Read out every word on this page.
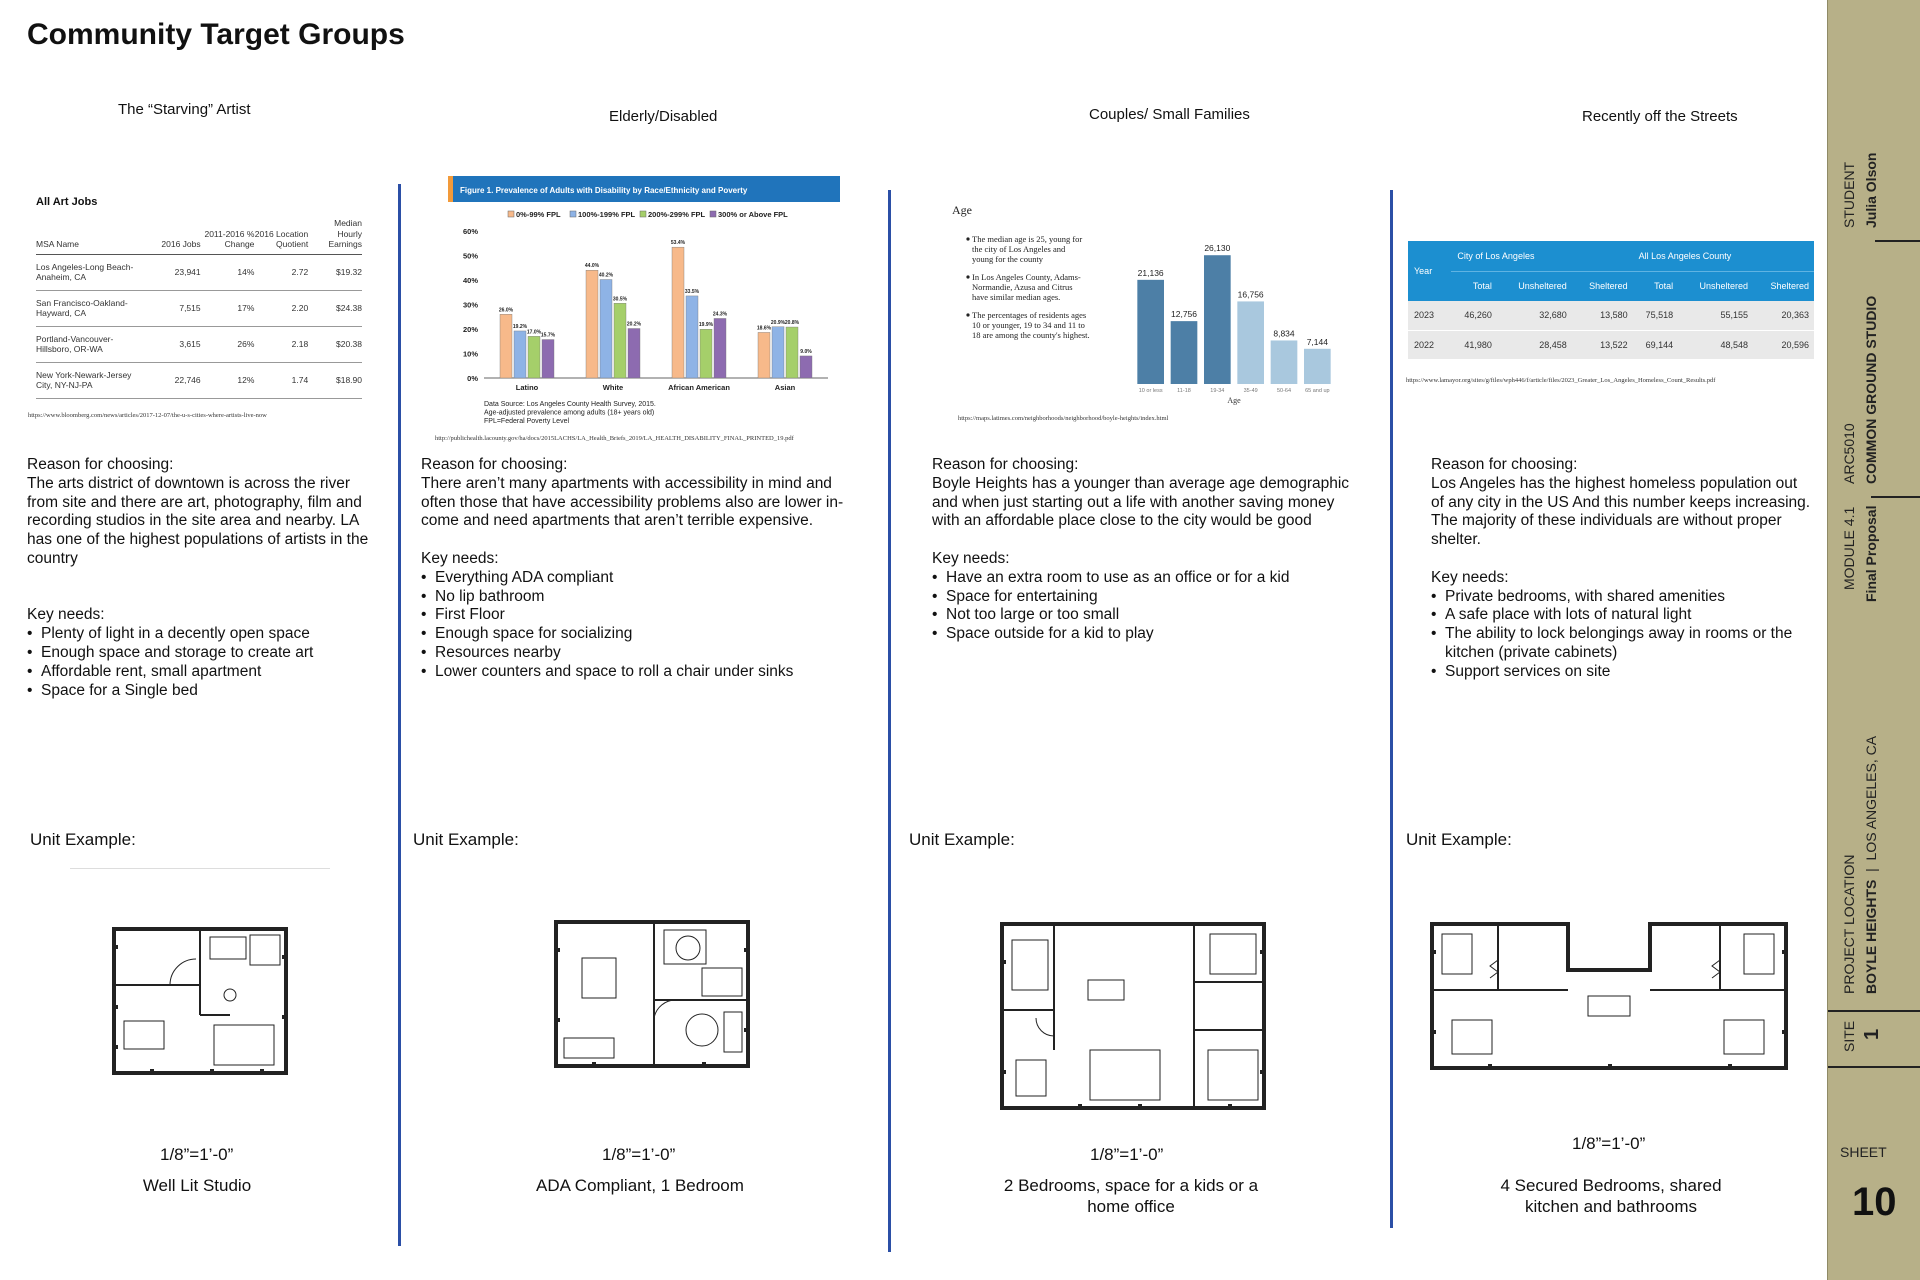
Community Target Groups
The “Starving” Artist	Elderly/Disabled	Couples/ Small Families	Recently off the Streets
All Art Jobs
MSA Name	2016 Jobs	2011-2016 % Change	2016 Location Quotient	Median Hourly Earnings
Los Angeles-Long Beach-Anaheim, CA	23,941	14%	2.72	$19.32
San Francisco-Oakland-Hayward, CA	7,515	17%	2.20	$24.38
Portland-Vancouver-Hillsboro, OR-WA	3,615	26%	2.18	$20.38
New York-Newark-Jersey City, NY-NJ-PA	22,746	12%	1.74	$18.90
https://www.bloomberg.com/news/articles/2017-12-07/the-u-s-cities-where-artists-live-now
Figure 1. Prevalence of Adults with Disability by Race/Ethnicity and Poverty
0%-99% FPL 100%-199% FPL 200%-299% FPL 300% or Above FPL
0%
10%
20%
30%
40%
50%
60%
26.0%
19.2%
17.0%
15.7%
Latino
44.0%
40.2%
30.5%
20.2%
White
53.4%
33.5%
19.9%
24.3%
African American
18.6%
20.9% 20.8%
9.0%
Asian
Data Source: Los Angeles County Health Survey, 2015.
Age-adjusted prevalence among adults (18+ years old)
FPL=Federal Poverty Level
http://publichealth.lacounty.gov/ha/docs/2015LACHS/LA_Health_Briefs_2019/LA_HEALTH_DISABILITY_FINAL_PRINTED_19.pdf
Age
The median age is 25, young for the city of Los Angeles and young for the county
In Los Angeles County, Adams-Normandie, Azusa and Citrus have similar median ages.
The percentages of residents ages 10 or younger, 19 to 34 and 11 to 18 are among the county's highest.
21,136
10 or less
12,756
11-18
26,130
19-34
16,756
35-49
8,834
50-64
7,144
65 and up
Age
https://maps.latimes.com/neighborhoods/neighborhood/boyle-heights/index.html
Year	City of Los Angeles			All Los Angeles County		
	Total	Unsheltered	Sheltered	Total	Unsheltered	Sheltered
2023	46,260	32,680	13,580	75,518	55,155	20,363
2022	41,980	28,458	13,522	69,144	48,548	20,596
https://www.lamayor.org/sites/g/files/wph446/f/article/files/2023_Greater_Los_Angeles_Homeless_Count_Results.pdf
Reason for choosing:
The arts district of downtown is across the river from site and there are art, photography, film and recording studios in the site area and nearby. LA has one of the highest populations of artists in the country
Key needs:
• Plenty of light in a decently open space
• Enough space and storage to create art
• Affordable rent, small apartment
• Space for a Single bed
Reason for choosing:
There aren’t many apartments with accessibility in mind and often those that have accessibility problems also are lower in-come and need apartments that aren’t terrible expensive.
Key needs:
• Everything ADA compliant
• No lip bathroom
• First Floor
• Enough space for socializing
• Resources nearby
• Lower counters and space to roll a chair under sinks
Reason for choosing:
Boyle Heights has a younger than average age demographic and when just starting out a life with another saving money with an affordable place close to the city would be good
Key needs:
• Have an extra room to use as an office or for a kid
• Space for entertaining
• Not too large or too small
• Space outside for a kid to play
Reason for choosing:
Los Angeles has the highest homeless population out of any city in the US And this number keeps increasing. The majority of these individuals are without proper shelter.
Key needs:
• Private bedrooms, with shared amenities
• A safe place with lots of natural light
• The ability to lock belongings away in rooms or the kitchen (private cabinets)
• Support services on site
Unit Example:	Unit Example:	Unit Example:	Unit Example:
1/8”=1’-0”
Well Lit Studio
1/8”=1’-0”
ADA Compliant, 1 Bedroom
1/8”=1’-0”
2 Bedrooms, space for a kids or a home office
1/8”=1’-0”
4 Secured Bedrooms, shared kitchen and bathrooms
STUDENT Julia Olson
ARC5010 COMMON GROUND STUDIO
MODULE 4.1 Final Proposal
PROJECT LOCATION BOYLE HEIGHTS  |  LOS ANGELES, CA
SITE 1
SHEET
10
